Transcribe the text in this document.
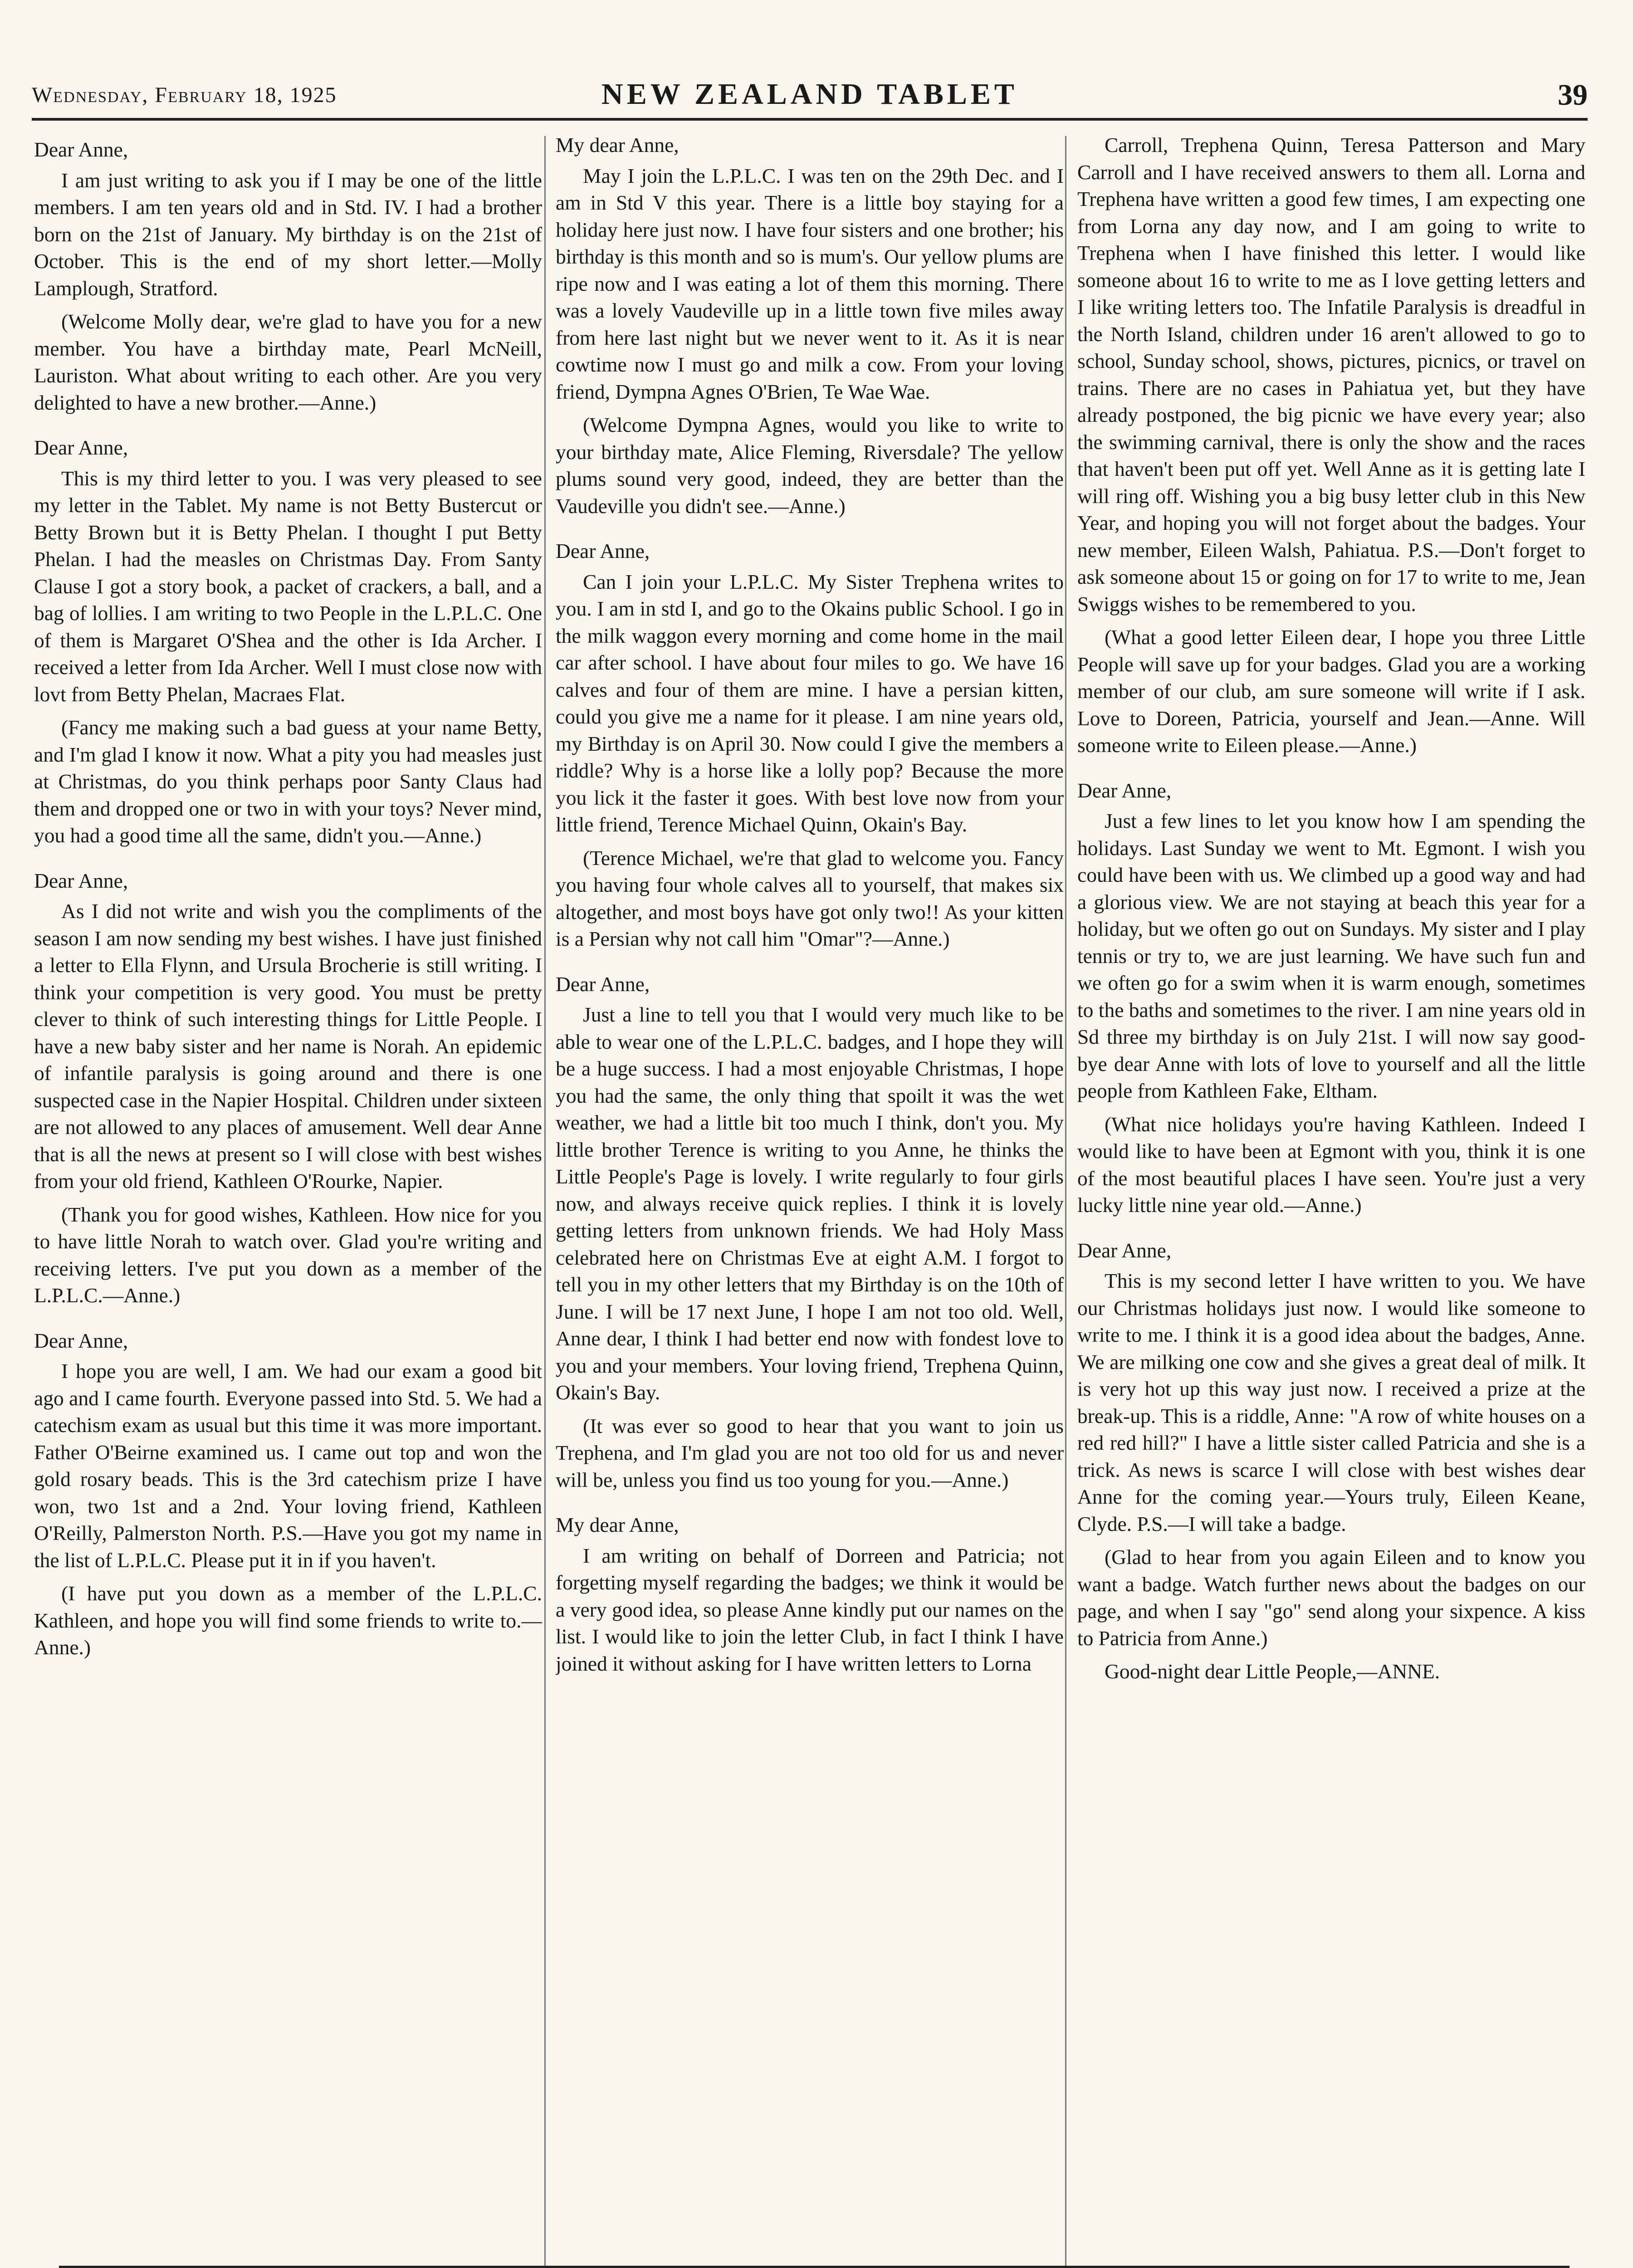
Wednesday, February 18, 1925	NEW ZEALAND TABLET	39

Dear Anne,

I am just writing to ask you if I may be one of the little members. I am ten years old and in Std. IV. I had a brother born on the 21st of January. My birthday is on the 21st of October. This is the end of my short letter.—Molly Lamplough, Stratford.

(Welcome Molly dear, we're glad to have you for a new member. You have a birthday mate, Pearl McNeill, Lauriston. What about writing to each other. Are you very delighted to have a new brother.—Anne.)

Dear Anne,

This is my third letter to you. I was very pleased to see my letter in the Tablet. My name is not Betty Bustercut or Betty Brown but it is Betty Phelan. I thought I put Betty Phelan. I had the measles on Christmas Day. From Santy Clause I got a story book, a packet of crackers, a ball, and a bag of lollies. I am writing to two People in the L.P.L.C. One of them is Margaret O'Shea and the other is Ida Archer. I received a letter from Ida Archer. Well I must close now with lovt from Betty Phelan, Macraes Flat.

(Fancy me making such a bad guess at your name Betty, and I'm glad I know it now. What a pity you had measles just at Christmas, do you think perhaps poor Santy Claus had them and dropped one or two in with your toys? Never mind, you had a good time all the same, didn't you.—Anne.)

Dear Anne,

As I did not write and wish you the compliments of the season I am now sending my best wishes. I have just finished a letter to Ella Flynn, and Ursula Brocherie is still writing. I think your competition is very good. You must be pretty clever to think of such interesting things for Little People. I have a new baby sister and her name is Norah. An epidemic of infantile paralysis is going around and there is one suspected case in the Napier Hospital. Children under sixteen are not allowed to any places of amusement. Well dear Anne that is all the news at present so I will close with best wishes from your old friend, Kathleen O'Rourke, Napier.

(Thank you for good wishes, Kathleen. How nice for you to have little Norah to watch over. Glad you're writing and receiving letters. I've put you down as a member of the L.P.L.C.—Anne.)

Dear Anne,

I hope you are well, I am. We had our exam a good bit ago and I came fourth. Everyone passed into Std. 5. We had a catechism exam as usual but this time it was more important. Father O'Beirne examined us. I came out top and won the gold rosary beads. This is the 3rd catechism prize I have won, two 1st and a 2nd. Your loving friend, Kathleen O'Reilly, Palmerston North. P.S.—Have you got my name in the list of L.P.L.C. Please put it in if you haven't.

(I have put you down as a member of the L.P.L.C. Kathleen, and hope you will find some friends to write to.—Anne.)

My dear Anne,

May I join the L.P.L.C. I was ten on the 29th Dec. and I am in Std V this year. There is a little boy staying for a holiday here just now. I have four sisters and one brother; his birthday is this month and so is mum's. Our yellow plums are ripe now and I was eating a lot of them this morning. There was a lovely Vaudeville up in a little town five miles away from here last night but we never went to it. As it is near cowtime now I must go and milk a cow. From your loving friend, Dympna Agnes O'Brien, Te Wae Wae.

(Welcome Dympna Agnes, would you like to write to your birthday mate, Alice Fleming, Riversdale? The yellow plums sound very good, indeed, they are better than the Vaudeville you didn't see.—Anne.)

Dear Anne,

Can I join your L.P.L.C. My Sister Trephena writes to you. I am in std I, and go to the Okains public School. I go in the milk waggon every morning and come home in the mail car after school. I have about four miles to go. We have 16 calves and four of them are mine. I have a persian kitten, could you give me a name for it please. I am nine years old, my Birthday is on April 30. Now could I give the members a riddle? Why is a horse like a lolly pop? Because the more you lick it the faster it goes. With best love now from your little friend, Terence Michael Quinn, Okain's Bay.

(Terence Michael, we're that glad to welcome you. Fancy you having four whole calves all to yourself, that makes six altogether, and most boys have got only two!! As your kitten is a Persian why not call him "Omar"?—Anne.)

Dear Anne,

Just a line to tell you that I would very much like to be able to wear one of the L.P.L.C. badges, and I hope they will be a huge success. I had a most enjoyable Christmas, I hope you had the same, the only thing that spoilt it was the wet weather, we had a little bit too much I think, don't you. My little brother Terence is writing to you Anne, he thinks the Little People's Page is lovely. I write regularly to four girls now, and always receive quick replies. I think it is lovely getting letters from unknown friends. We had Holy Mass celebrated here on Christmas Eve at eight A.M. I forgot to tell you in my other letters that my Birthday is on the 10th of June. I will be 17 next June, I hope I am not too old. Well, Anne dear, I think I had better end now with fondest love to you and your members. Your loving friend, Trephena Quinn, Okain's Bay.

(It was ever so good to hear that you want to join us Trephena, and I'm glad you are not too old for us and never will be, unless you find us too young for you.—Anne.)

My dear Anne,

I am writing on behalf of Dorreen and Patricia; not forgetting myself regarding the badges; we think it would be a very good idea, so please Anne kindly put our names on the list. I would like to join the letter Club, in fact I think I have joined it without asking for I have written letters to Lorna

Carroll, Trephena Quinn, Teresa Patterson and Mary Carroll and I have received answers to them all. Lorna and Trephena have written a good few times, I am expecting one from Lorna any day now, and I am going to write to Trephena when I have finished this letter. I would like someone about 16 to write to me as I love getting letters and I like writing letters too. The Infatile Paralysis is dreadful in the North Island, children under 16 aren't allowed to go to school, Sunday school, shows, pictures, picnics, or travel on trains. There are no cases in Pahiatua yet, but they have already postponed, the big picnic we have every year; also the swimming carnival, there is only the show and the races that haven't been put off yet. Well Anne as it is getting late I will ring off. Wishing you a big busy letter club in this New Year, and hoping you will not forget about the badges. Your new member, Eileen Walsh, Pahiatua. P.S.—Don't forget to ask someone about 15 or going on for 17 to write to me, Jean Swiggs wishes to be remembered to you.

(What a good letter Eileen dear, I hope you three Little People will save up for your badges. Glad you are a working member of our club, am sure someone will write if I ask. Love to Doreen, Patricia, yourself and Jean.—Anne. Will someone write to Eileen please.—Anne.)

Dear Anne,

Just a few lines to let you know how I am spending the holidays. Last Sunday we went to Mt. Egmont. I wish you could have been with us. We climbed up a good way and had a glorious view. We are not staying at beach this year for a holiday, but we often go out on Sundays. My sister and I play tennis or try to, we are just learning. We have such fun and we often go for a swim when it is warm enough, sometimes to the baths and sometimes to the river. I am nine years old in Sd three my birthday is on July 21st. I will now say good-bye dear Anne with lots of love to yourself and all the little people from Kathleen Fake, Eltham.

(What nice holidays you're having Kathleen. Indeed I would like to have been at Egmont with you, think it is one of the most beautiful places I have seen. You're just a very lucky little nine year old.—Anne.)

Dear Anne,

This is my second letter I have written to you. We have our Christmas holidays just now. I would like someone to write to me. I think it is a good idea about the badges, Anne. We are milking one cow and she gives a great deal of milk. It is very hot up this way just now. I received a prize at the break-up. This is a riddle, Anne: "A row of white houses on a red red hill?" I have a little sister called Patricia and she is a trick. As news is scarce I will close with best wishes dear Anne for the coming year.—Yours truly, Eileen Keane, Clyde. P.S.—I will take a badge.

(Glad to hear from you again Eileen and to know you want a badge. Watch further news about the badges on our page, and when I say "go" send along your sixpence. A kiss to Patricia from Anne.)

Good-night dear Little People,—ANNE.
